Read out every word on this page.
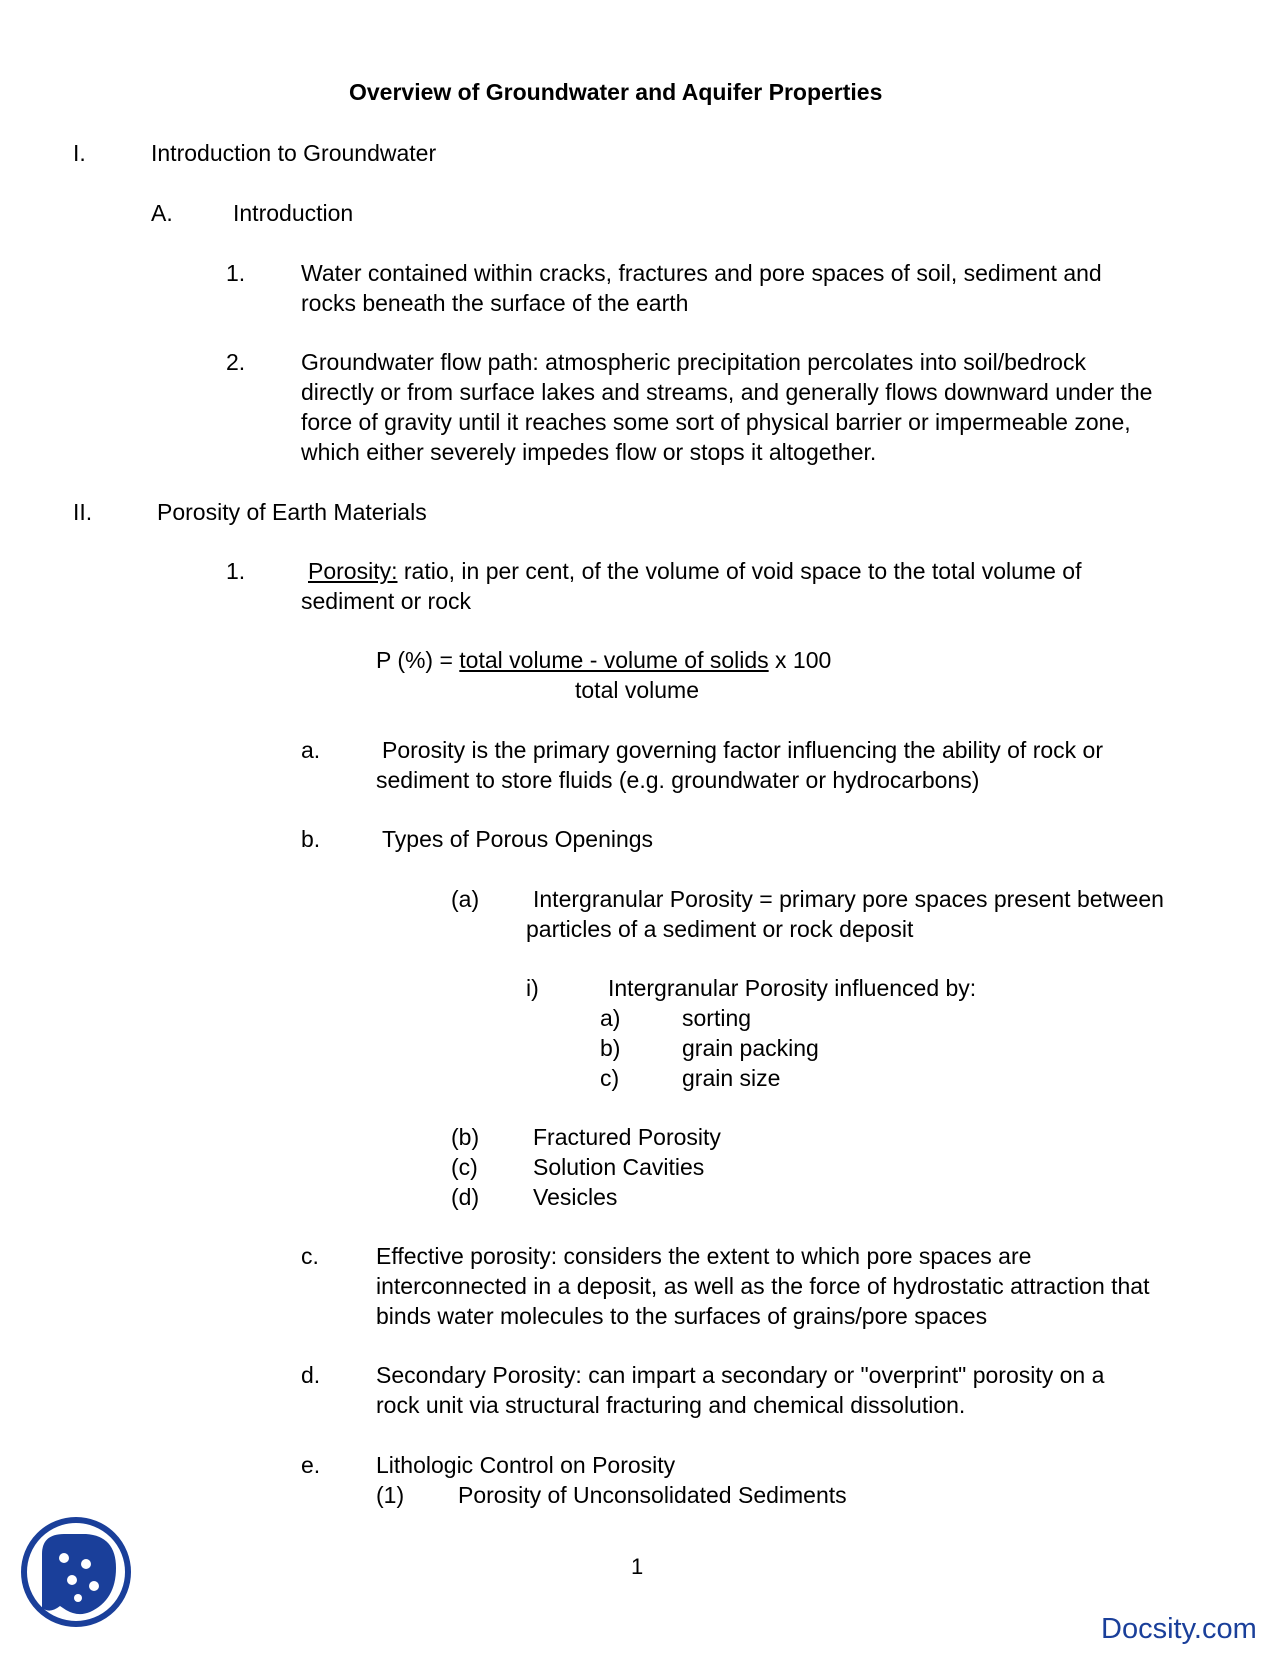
Overview of Groundwater and Aquifer Properties
I.	Introduction to Groundwater
A.	Introduction
1. Water contained within cracks, fractures and pore spaces of soil, sediment and
rocks beneath the surface of the earth
2. Groundwater flow path: atmospheric precipitation percolates into soil/bedrock
directly or from surface lakes and streams, and generally flows downward under the
force of gravity until it reaches some sort of physical barrier or impermeable zone,
which either severely impedes flow or stops it altogether.
II.	Porosity of Earth Materials
1.	Porosity: ratio, in per cent, of the volume of void space to the total volume of
sediment or rock
P (%) = total volume - volume of solids x 100
total volume
a.	Porosity is the primary governing factor influencing the ability of rock or
sediment to store fluids (e.g. groundwater or hydrocarbons)
b.	Types of Porous Openings
(a) Intergranular Porosity = primary pore spaces present between
particles of a sediment or rock deposit
i)	Intergranular Porosity influenced by:
a)	sorting
b)	grain packing
c)	grain size
(b) Fractured Porosity
(c) Solution Cavities
(d) Vesicles
c. Effective porosity: considers the extent to which pore spaces are
interconnected in a deposit, as well as the force of hydrostatic attraction that
binds water molecules to the surfaces of grains/pore spaces
d. Secondary Porosity: can impart a secondary or "overprint" porosity on a
rock unit via structural fracturing and chemical dissolution.
e. Lithologic Control on Porosity
(1) Porosity of Unconsolidated Sediments
1
Docsity.com
